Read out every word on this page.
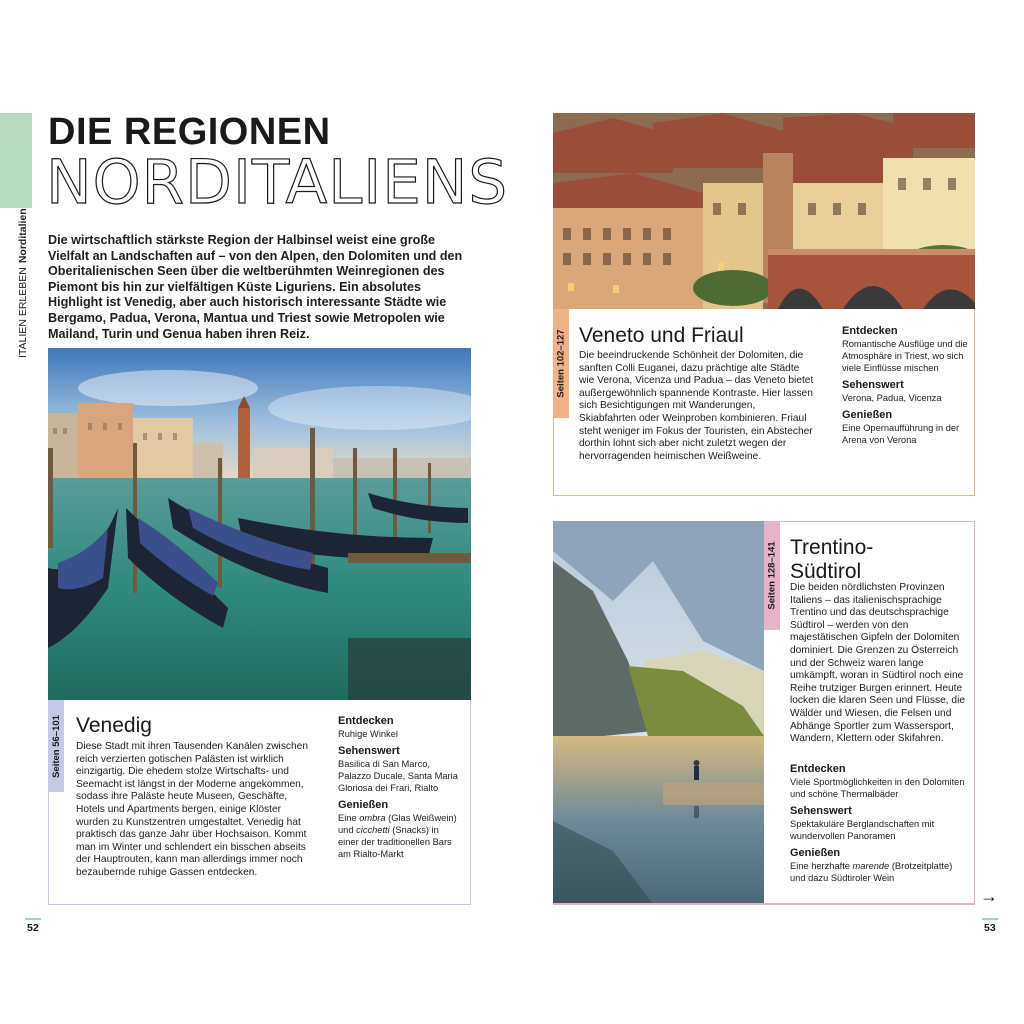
ITALIEN ERLEBENNorditalien
DIE REGIONEN
NORDITALIENS
Die wirtschaftlich stärkste Region der Halbinsel weist eine große Vielfalt an Landschaften auf – von den Alpen, den Dolomiten und den Oberitalienischen Seen über die weltberühmten Weinregionen des Piemont bis hin zur vielfältigen Küste Liguriens. Ein absolutes Highlight ist Venedig, aber auch historisch interessante Städte wie Bergamo, Padua, Verona, Mantua und Triest sowie Metropolen wie Mailand, Turin und Genua haben ihren Reiz.
Seiten 56–101 Venedig
Diese Stadt mit ihren Tausenden Kanälen zwischen reich verzierten gotischen Palästen ist wirklich einzigartig. Die ehedem stolze Wirtschafts- und Seemacht ist längst in der Moderne angekommen, sodass ihre Paläste heute Museen, Geschäfte, Hotels und Apartments bergen, einige Klöster wurden zu Kunstzentren umgestaltet. Venedig hat praktisch das ganze Jahr über Hochsaison. Kommt man im Winter und schlendert ein bisschen abseits der Hauptrouten, kann man allerdings immer noch bezaubernde ruhige Gassen entdecken.
Entdecken
Ruhige Winkel
Sehenswert
Basilica di San Marco, Palazzo Ducale, Santa Maria Gloriosa dei Frari, Rialto
Genießen
Eine ombra (Glas Weißwein) und cicchetti (Snacks) in einer der traditionellen Bars am Rialto-Markt
52
Seiten 102–127 Veneto und Friaul
Die beeindruckende Schönheit der Dolomiten, die sanften Colli Euganei, dazu prächtige alte Städte wie Verona, Vicenza und Padua – das Veneto bietet außergewöhnlich spannende Kontraste. Hier lassen sich Besichtigungen mit Wanderungen, Skiabfahrten oder Weinproben kombinieren. Friaul steht weniger im Fokus der Touristen, ein Abstecher dorthin lohnt sich aber nicht zuletzt wegen der hervorragenden heimischen Weißweine.
Entdecken
Romantische Ausflüge und die Atmosphäre in Triest, wo sich viele Einflüsse mischen
Sehenswert
Verona, Padua, Vicenza
Genießen
Eine Opernaufführung in der Arena von Verona
Seiten 128–141 Trentino-
Südtirol
Die beiden nördlichsten Provinzen Italiens – das italienischsprachige Trentino und das deutschsprachige Südtirol – werden von den majestätischen Gipfeln der Dolomiten dominiert. Die Grenzen zu Österreich und der Schweiz waren lange umkämpft, woran in Südtirol noch eine Reihe trutziger Burgen erinnert. Heute locken die klaren Seen und Flüsse, die Wälder und Wiesen, die Felsen und Abhänge Sportler zum Wassersport, Wandern, Klettern oder Skifahren.
Entdecken
Viele Sportmöglichkeiten in den Dolomiten und schöne Thermalbäder
Sehenswert
Spektakuläre Berglandschaften mit wundervollen Panoramen
Genießen
Eine herzhafte marende (Brotzeitplatte) und dazu Südtiroler Wein
→
53
